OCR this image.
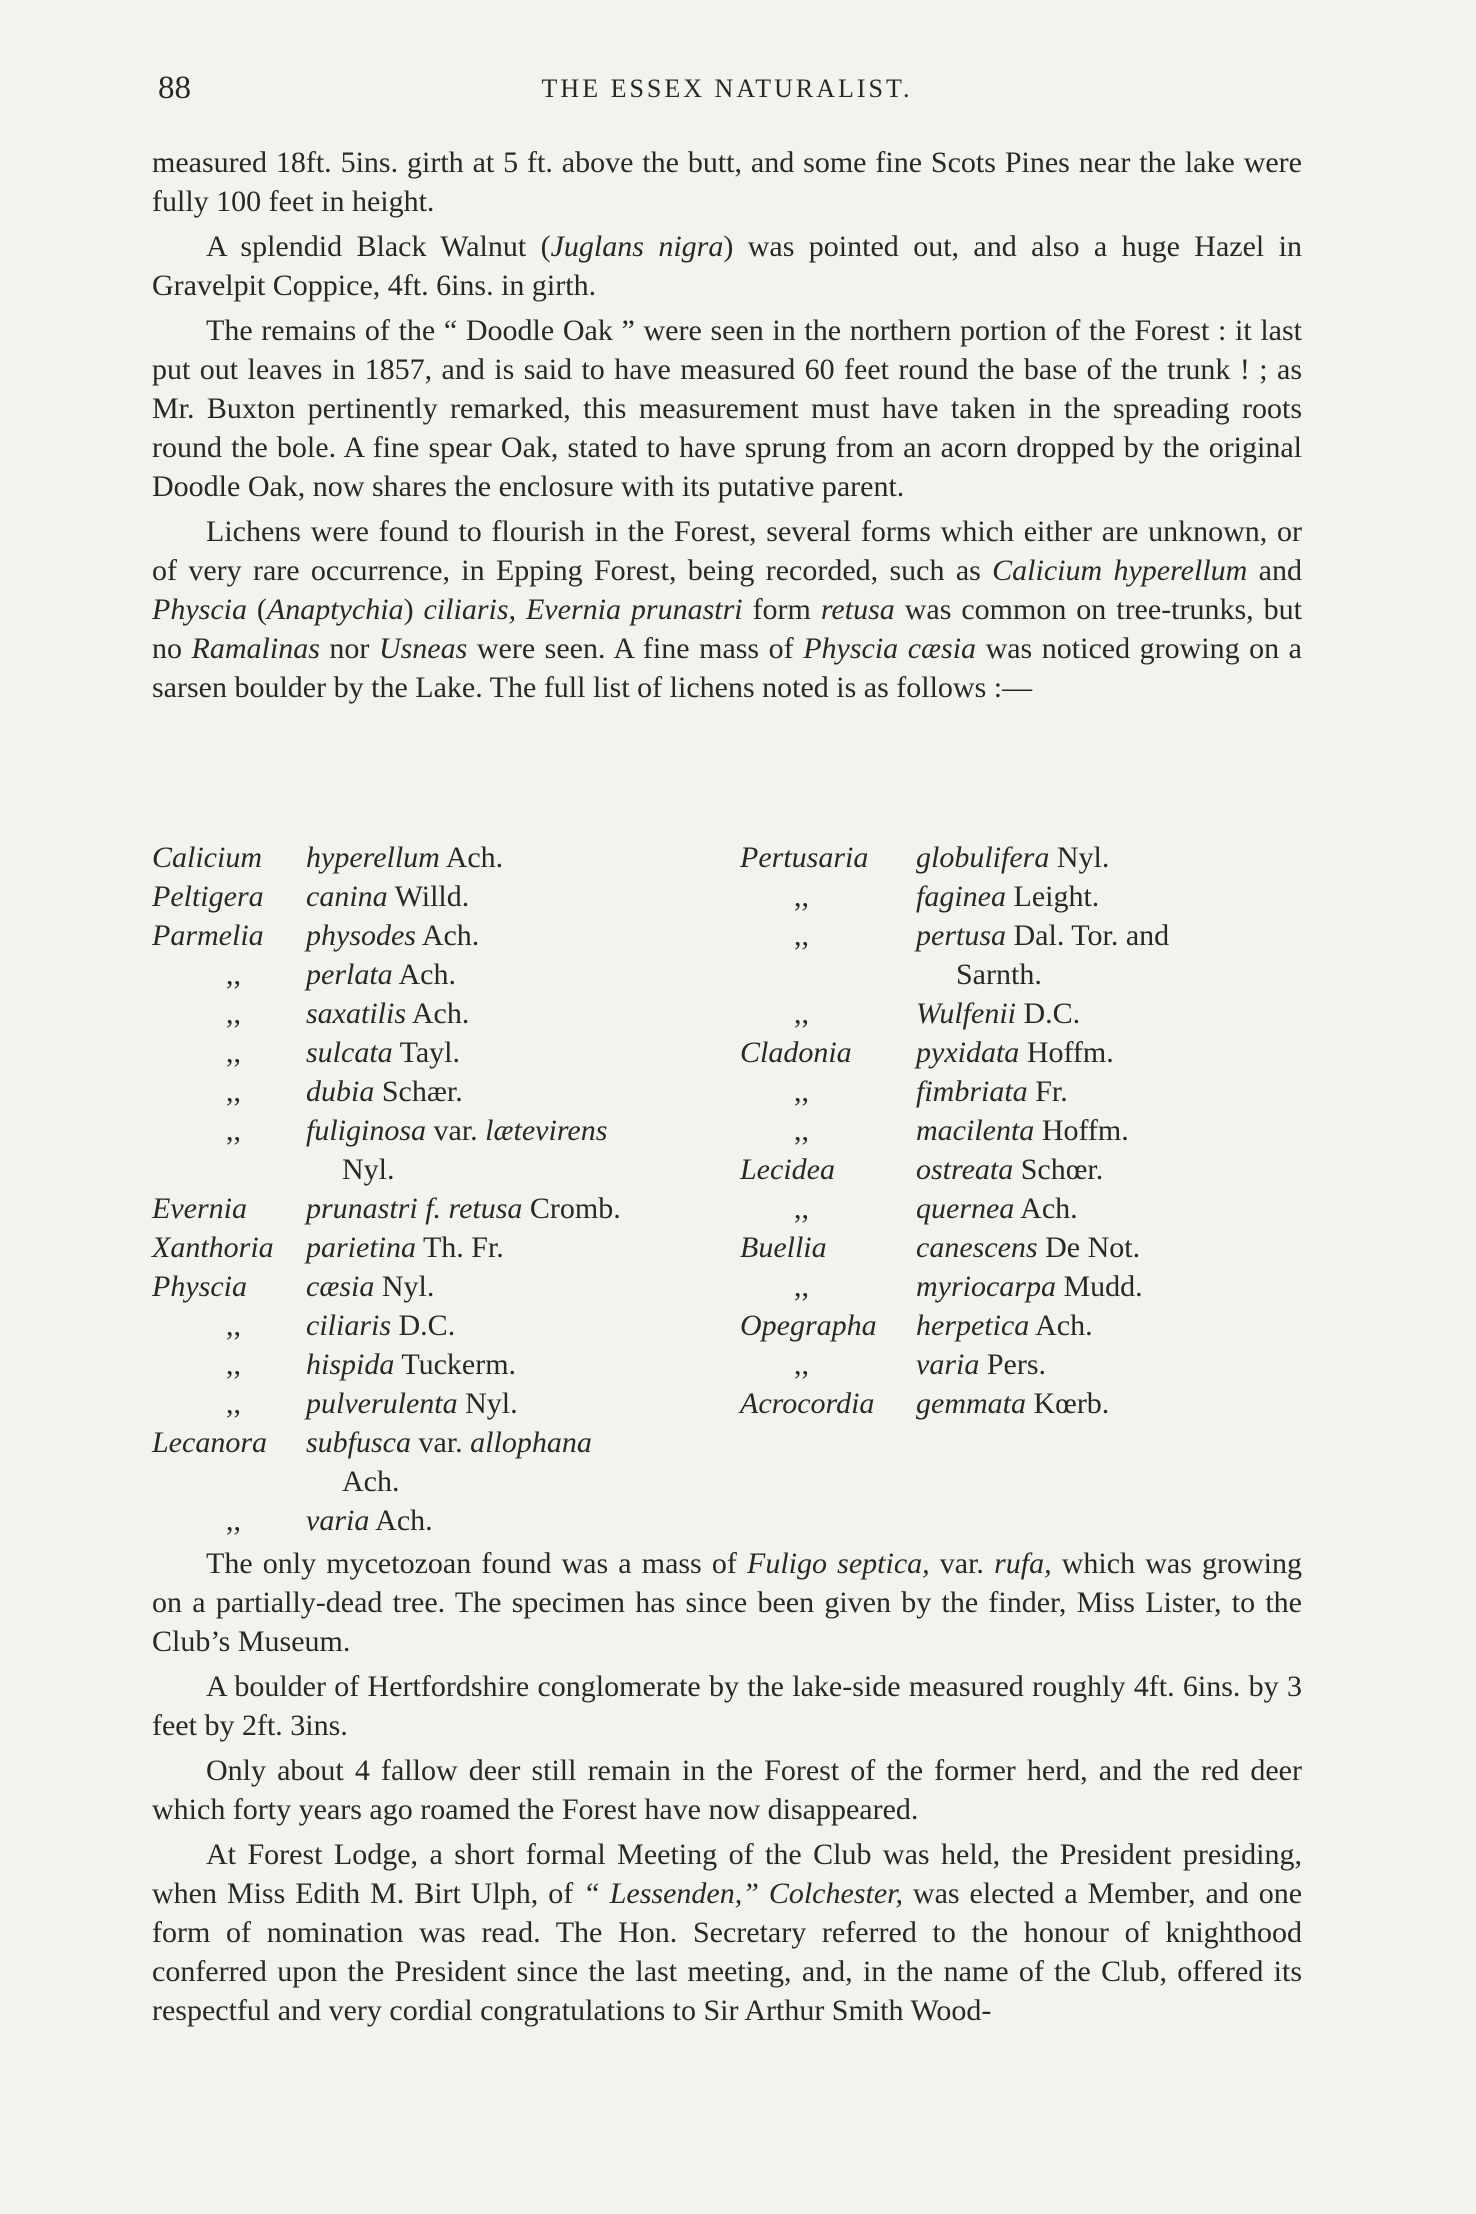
88	THE ESSEX NATURALIST.

measured 18ft. 5ins. girth at 5 ft. above the butt, and some fine Scots Pines near the lake were fully 100 feet in height.

A splendid Black Walnut (Juglans nigra) was pointed out, and also a huge Hazel in Gravelpit Coppice, 4ft. 6ins. in girth.

The remains of the “ Doodle Oak ” were seen in the northern portion of the Forest : it last put out leaves in 1857, and is said to have measured 60 feet round the base of the trunk ! ; as Mr. Buxton pertinently remarked, this measurement must have taken in the spreading roots round the bole. A fine spear Oak, stated to have sprung from an acorn dropped by the original Doodle Oak, now shares the enclosure with its putative parent.

Lichens were found to flourish in the Forest, several forms which either are unknown, or of very rare occurrence, in Epping Forest, being recorded, such as Calicium hyperellum and Physcia (Anaptychia) ciliaris, Evernia prunastri form retusa was common on tree-trunks, but no Ramalinas nor Usneas were seen. A fine mass of Physcia cæsia was noticed growing on a sarsen boulder by the Lake. The full list of lichens noted is as follows :—

Calicium hyperellum Ach.
Peltigera canina Willd.
Parmelia physodes Ach.
,, perlata Ach.
,, saxatilis Ach.
,, sulcata Tayl.
,, dubia Schær.
,, fuliginosa var. lætevirens
Nyl.
Evernia prunastri f. retusa Cromb.
Xanthoria parietina Th. Fr.
Physcia cæsia Nyl.
,, ciliaris D.C.
,, hispida Tuckerm.
,, pulverulenta Nyl.
Lecanora subfusca var. allophana
Ach.
,, varia Ach.
Pertusaria globulifera Nyl.
,,	faginea Leight.
,,	pertusa Dal. Tor. and
Sarnth.
,,	Wulfenii D.C.
Cladonia pyxidata Hoffm.
,,	fimbriata Fr.
,,	macilenta Hoffm.
Lecidea	ostreata Schœr.
,,	quernea Ach.
Buellia	canescens De Not.
,,	myriocarpa Mudd.
Opegrapha herpetica Ach.
,,	varia Pers.
Acrocordia gemmata Kœrb.

The only mycetozoan found was a mass of Fuligo septica, var. rufa, which was growing on a partially-dead tree. The specimen has since been given by the finder, Miss Lister, to the Club’s Museum.

A boulder of Hertfordshire conglomerate by the lake-side measured roughly 4ft. 6ins. by 3 feet by 2ft. 3ins.

Only about 4 fallow deer still remain in the Forest of the former herd, and the red deer which forty years ago roamed the Forest have now disappeared.

At Forest Lodge, a short formal Meeting of the Club was held, the President presiding, when Miss Edith M. Birt Ulph, of “ Lessenden,” Colchester, was elected a Member, and one form of nomination was read. The Hon. Secretary referred to the honour of knighthood conferred upon the President since the last meeting, and, in the name of the Club, offered its respectful and very cordial congratulations to Sir Arthur Smith Wood-
